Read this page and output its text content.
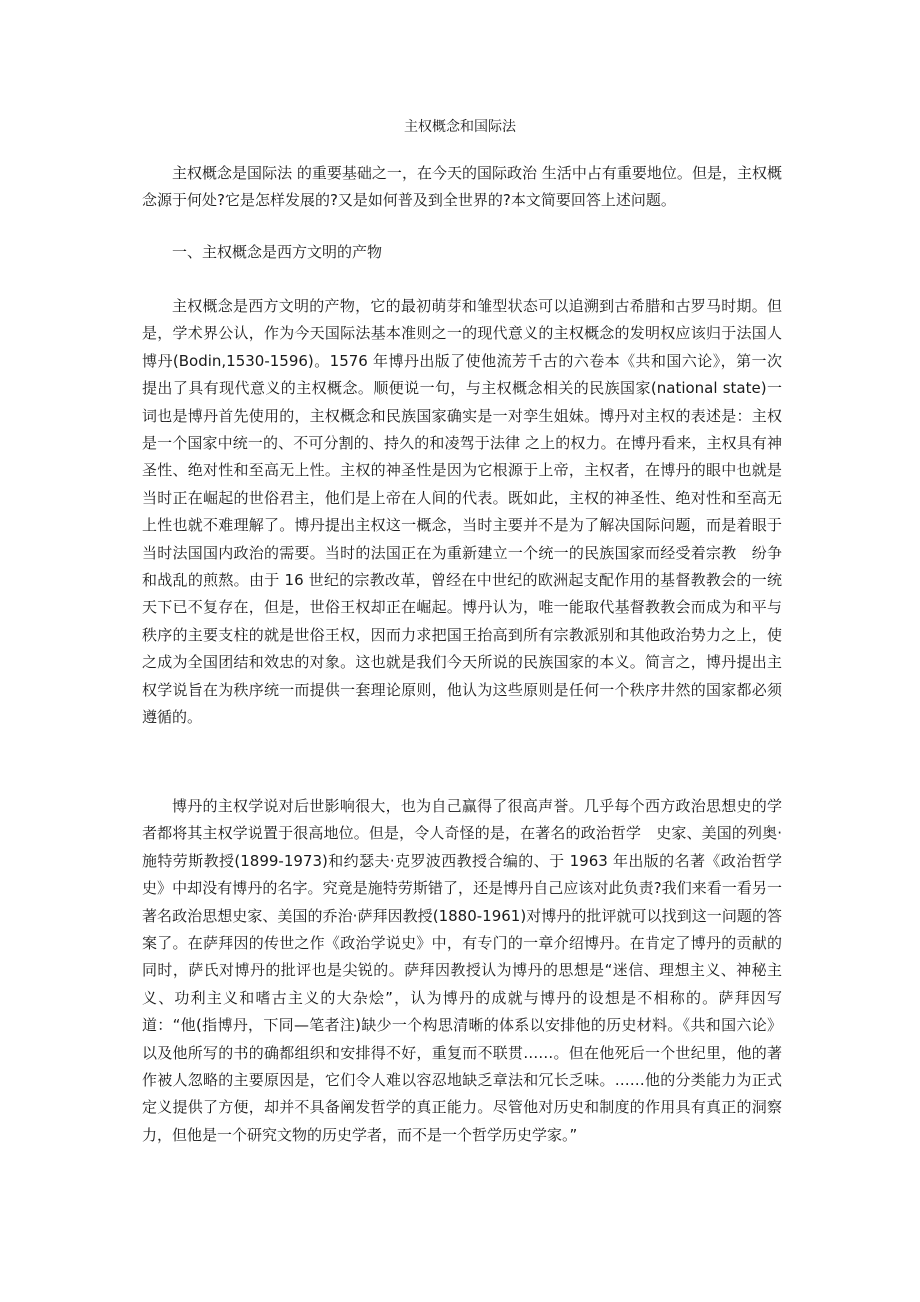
主权概念和国际法

主权概念是国际法 的重要基础之一，在今天的国际政治 生活中占有重要地位。但是，主权概念源于何处?它是怎样发展的?又是如何普及到全世界的?本文简要回答上述问题。

一、主权概念是西方文明的产物

主权概念是西方文明的产物，它的最初萌芽和雏型状态可以追溯到古希腊和古罗马时期。但是，学术界公认，作为今天国际法基本准则之一的现代意义的主权概念的发明权应该归于法国人博丹(Bodin,1530-1596)。1576 年博丹出版了使他流芳千古的六卷本《共和国六论》，第一次提出了具有现代意义的主权概念。顺便说一句，与主权概念相关的民族国家(national state)一词也是博丹首先使用的，主权概念和民族国家确实是一对孪生姐妹。博丹对主权的表述是：主权是一个国家中统一的、不可分割的、持久的和凌驾于法律 之上的权力。在博丹看来，主权具有神圣性、绝对性和至高无上性。主权的神圣性是因为它根源于上帝，主权者，在博丹的眼中也就是当时正在崛起的世俗君主，他们是上帝在人间的代表。既如此，主权的神圣性、绝对性和至高无上性也就不难理解了。博丹提出主权这一概念，当时主要并不是为了解决国际问题，而是着眼于当时法国国内政治的需要。当时的法国正在为重新建立一个统一的民族国家而经受着宗教　纷争和战乱的煎熬。由于 16 世纪的宗教改革，曾经在中世纪的欧洲起支配作用的基督教教会的一统天下已不复存在，但是，世俗王权却正在崛起。博丹认为，唯一能取代基督教教会而成为和平与秩序的主要支柱的就是世俗王权，因而力求把国王抬高到所有宗教派别和其他政治势力之上，使之成为全国团结和效忠的对象。这也就是我们今天所说的民族国家的本义。简言之，博丹提出主权学说旨在为秩序统一而提供一套理论原则，他认为这些原则是任何一个秩序井然的国家都必须遵循的。

博丹的主权学说对后世影响很大，也为自己赢得了很高声誉。几乎每个西方政治思想史的学者都将其主权学说置于很高地位。但是，令人奇怪的是，在著名的政治哲学　史家、美国的列奥·施特劳斯教授(1899-1973)和约瑟夫·克罗波西教授合编的、于 1963 年出版的名著《政治哲学史》中却没有博丹的名字。究竟是施特劳斯错了，还是博丹自己应该对此负责?我们来看一看另一著名政治思想史家、美国的乔治·萨拜因教授(1880-1961)对博丹的批评就可以找到这一问题的答案了。在萨拜因的传世之作《政治学说史》中，有专门的一章介绍博丹。在肯定了博丹的贡献的同时，萨氏对博丹的批评也是尖锐的。萨拜因教授认为博丹的思想是“迷信、理想主义、神秘主义、功利主义和嗜古主义的大杂烩”，认为博丹的成就与博丹的设想是不相称的。萨拜因写道：“他(指博丹，下同—笔者注)缺少一个构思清晰的体系以安排他的历史材料。《共和国六论》以及他所写的书的确都组织和安排得不好，重复而不联贯……。但在他死后一个世纪里，他的著作被人忽略的主要原因是，它们令人难以容忍地缺乏章法和冗长乏味。……他的分类能力为正式定义提供了方便，却并不具备阐发哲学的真正能力。尽管他对历史和制度的作用具有真正的洞察力，但他是一个研究文物的历史学者，而不是一个哲学历史学家。”
